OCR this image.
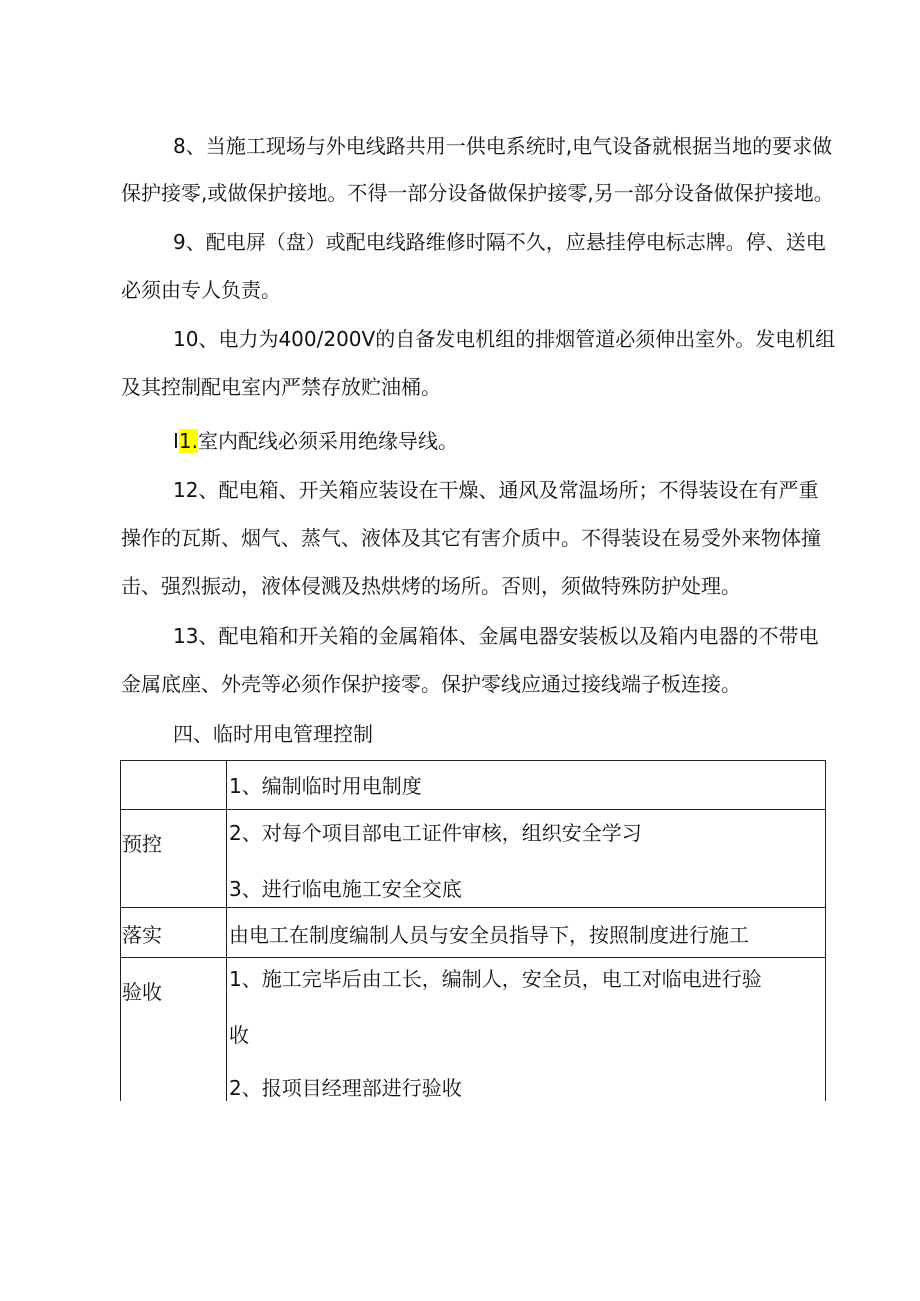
8、当施工现场与外电线路共用一供电系统时,电气设备就根据当地的要求做
保护接零,或做保护接地。不得一部分设备做保护接零,另一部分设备做保护接地。
9、配电屏（盘）或配电线路维修时隔不久，应悬挂停电标志牌。停、送电
必须由专人负责。
10、电力为400/200V的自备发电机组的排烟管道必须伸出室外。发电机组
及其控制配电室内严禁存放贮油桶。
I1.室内配线必须采用绝缘导线。
12、配电箱、开关箱应装设在干燥、通风及常温场所；不得装设在有严重
操作的瓦斯、烟气、蒸气、液体及其它有害介质中。不得装设在易受外来物体撞
击、强烈振动，液体侵溅及热烘烤的场所。否则，须做特殊防护处理。
13、配电箱和开关箱的金属箱体、金属电器安装板以及箱内电器的不带电
金属底座、外壳等必须作保护接零。保护零线应通过接线端子板连接。
四、临时用电管理控制
1、编制临时用电制度
预控	2、对每个项目部电工证件审核，组织安全学习
3、进行临电施工安全交底
落实	由电工在制度编制人员与安全员指导下，按照制度进行施工
验收
1、施工完毕后由工长，编制人，安全员，电工对临电进行验
收
2、报项目经理部进行验收
